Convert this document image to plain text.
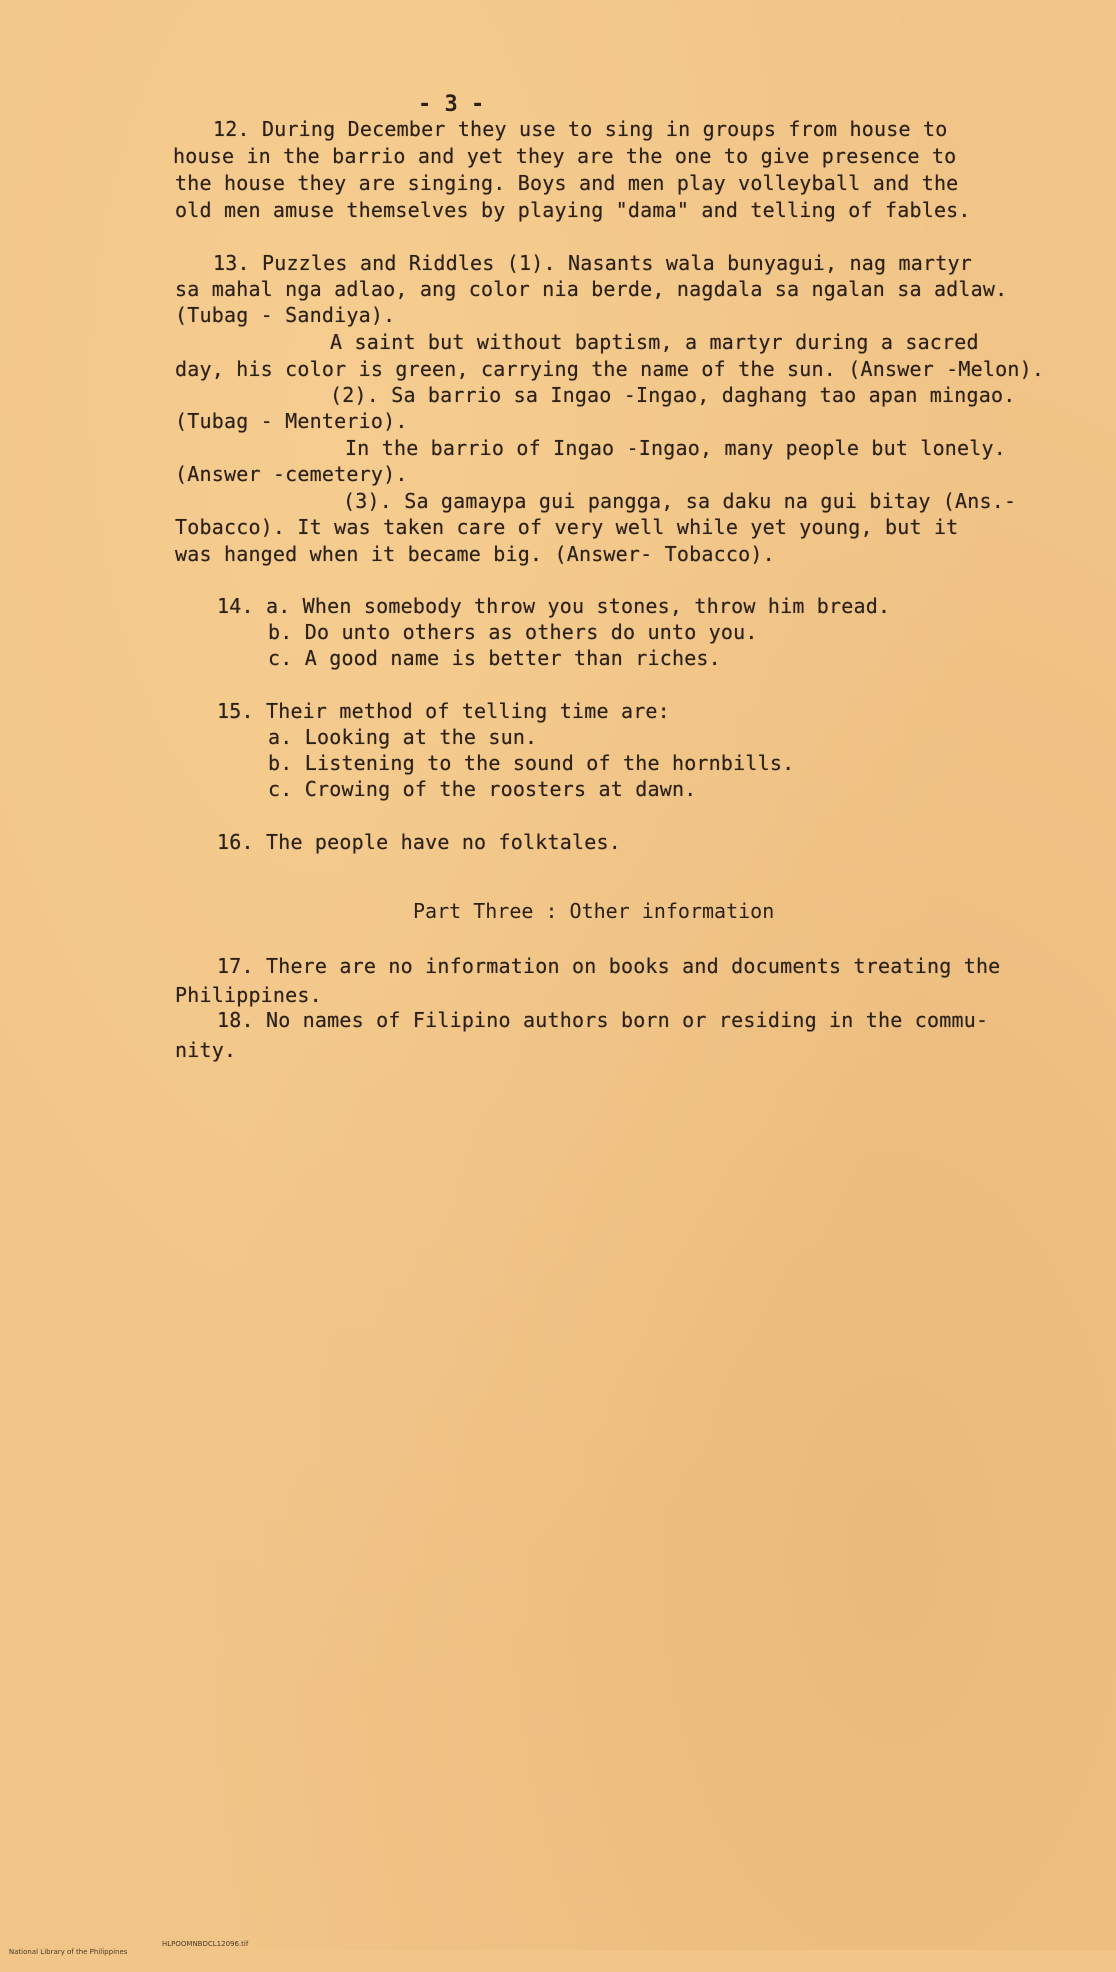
- 3 -
12. During December they use to sing in groups from house to
house in the barrio and yet they are the one to give presence to
the house they are singing. Boys and men play volleyball and the
old men amuse themselves by playing "dama" and telling of fables.
13. Puzzles and Riddles (1). Nasants wala bunyagui, nag martyr
sa mahal nga adlao, ang color nia berde, nagdala sa ngalan sa adlaw.
(Tubag - Sandiya).
A saint but without baptism, a martyr during a sacred
day, his color is green, carrying the name of the sun. (Answer -Melon).
(2). Sa barrio sa Ingao -Ingao, daghang tao apan mingao.
(Tubag - Menterio).
In the barrio of Ingao -Ingao, many people but lonely.
(Answer -cemetery).
(3). Sa gamaypa gui pangga, sa daku na gui bitay (Ans.-
Tobacco). It was taken care of very well while yet young, but it
was hanged when it became big. (Answer- Tobacco).
14. a. When somebody throw you stones, throw him bread.
b. Do unto others as others do unto you.
c. A good name is better than riches.
15. Their method of telling time are:
a. Looking at the sun.
b. Listening to the sound of the hornbills.
c. Crowing of the roosters at dawn.
16. The people have no folktales.
Part Three : Other information
17. There are no information on books and documents treating the
Philippines.
18. No names of Filipino authors born or residing in the commu-
nity.

National Library of the Philippines

HLPOOMNBDCL12096.tif
